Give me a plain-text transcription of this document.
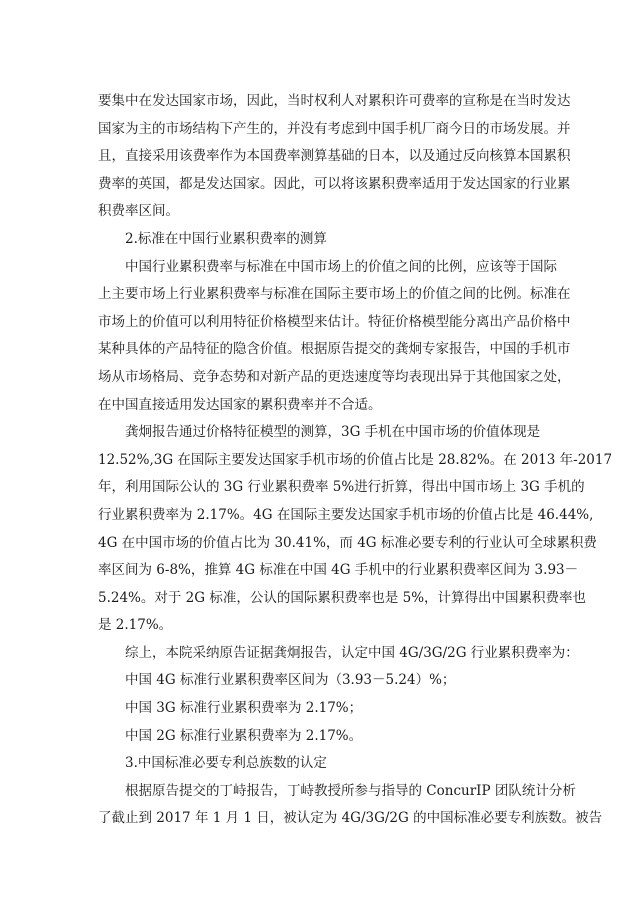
要集中在发达国家市场，因此，当时权利人对累积许可费率的宣称是在当时发达
国家为主的市场结构下产生的，并没有考虑到中国手机厂商今日的市场发展。并
且，直接采用该费率作为本国费率测算基础的日本，以及通过反向核算本国累积
费率的英国，都是发达国家。因此，可以将该累积费率适用于发达国家的行业累
积费率区间。

2.标准在中国行业累积费率的测算

中国行业累积费率与标准在中国市场上的价值之间的比例，应该等于国际
上主要市场上行业累积费率与标准在国际主要市场上的价值之间的比例。标准在
市场上的价值可以利用特征价格模型来估计。特征价格模型能分离出产品价格中
某种具体的产品特征的隐含价值。根据原告提交的龚炯专家报告，中国的手机市
场从市场格局、竞争态势和对新产品的更迭速度等均表现出异于其他国家之处，
在中国直接适用发达国家的累积费率并不合适。

龚炯报告通过价格特征模型的测算，3G 手机在中国市场的价值体现是
12.52%,3G 在国际主要发达国家手机市场的价值占比是 28.82%。在 2013 年-2017
年，利用国际公认的 3G 行业累积费率 5%进行折算，得出中国市场上 3G 手机的
行业累积费率为 2.17%。4G 在国际主要发达国家手机市场的价值占比是 46.44%,
4G 在中国市场的价值占比为 30.41%，而 4G 标准必要专利的行业认可全球累积费
率区间为 6-8%，推算 4G 标准在中国 4G 手机中的行业累积费率区间为 3.93－
5.24%。对于 2G 标准，公认的国际累积费率也是 5%，计算得出中国累积费率也
是 2.17%。

综上，本院采纳原告证据龚炯报告，认定中国 4G/3G/2G 行业累积费率为：

中国 4G 标准行业累积费率区间为（3.93－5.24）%；

中国 3G 标准行业累积费率为 2.17%；

中国 2G 标准行业累积费率为 2.17%。

3.中国标准必要专利总族数的认定

根据原告提交的丁峙报告，丁峙教授所参与指导的 ConcurIP 团队统计分析
了截止到 2017 年 1 月 1 日，被认定为 4G/3G/2G 的中国标准必要专利族数。被告
